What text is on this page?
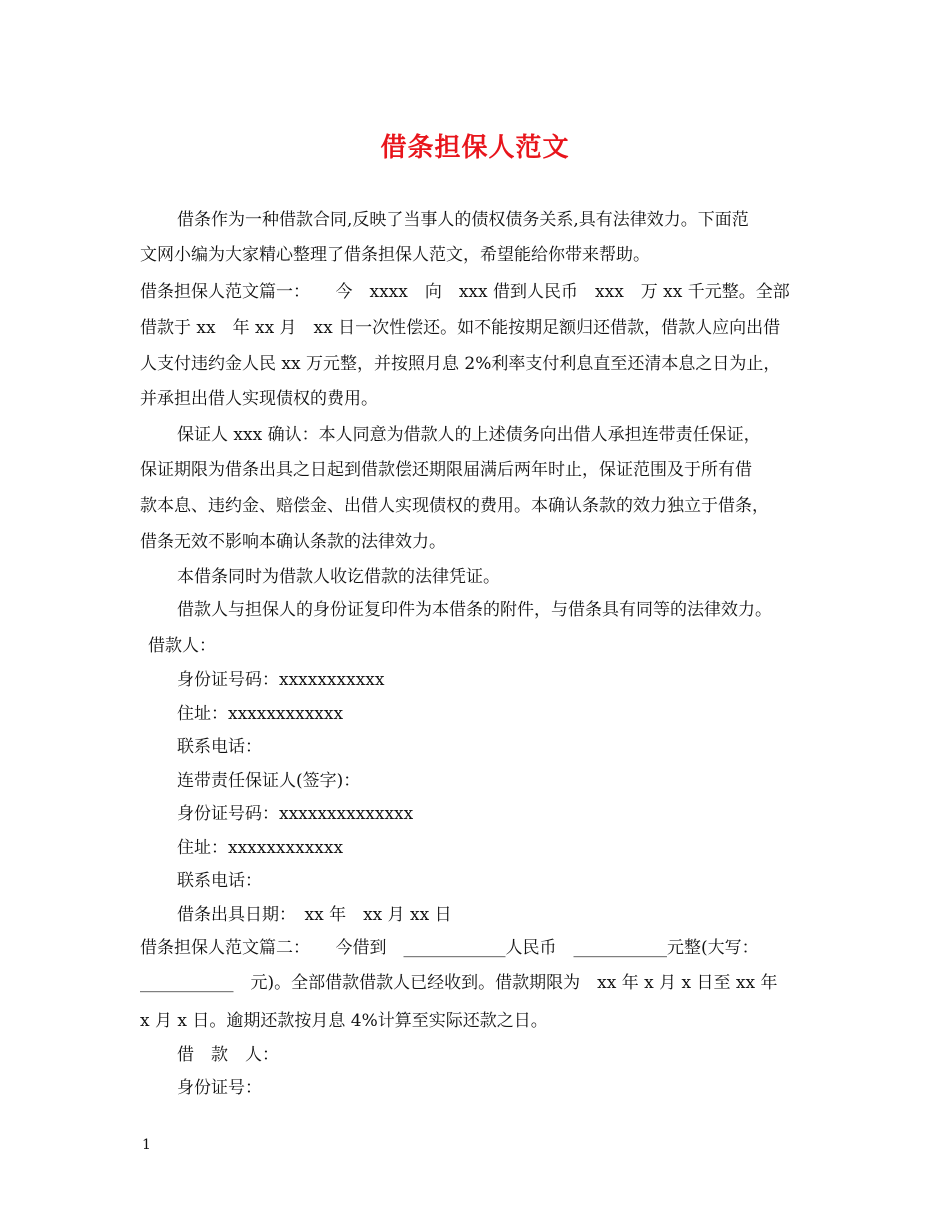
借条担保人范文
借条作为一种借款合同,反映了当事人的债权债务关系,具有法律效力。下面范
文网小编为大家精心整理了借条担保人范文，希望能给你带来帮助。
借条担保人范文篇一：　　今　xxxx　向　xxx 借到人民币　xxx　万 xx 千元整。全部
借款于 xx　年 xx 月　xx 日一次性偿还。如不能按期足额归还借款，借款人应向出借
人支付违约金人民 xx 万元整，并按照月息 2%利率支付利息直至还清本息之日为止，
并承担出借人实现债权的费用。
保证人 xxx 确认：本人同意为借款人的上述债务向出借人承担连带责任保证，
保证期限为借条出具之日起到借款偿还期限届满后两年时止，保证范围及于所有借
款本息、违约金、赔偿金、出借人实现债权的费用。本确认条款的效力独立于借条，
借条无效不影响本确认条款的法律效力。
本借条同时为借款人收讫借款的法律凭证。
借款人与担保人的身份证复印件为本借条的附件，与借条具有同等的法律效力。
借款人：
身份证号码：xxxxxxxxxxx
住址：xxxxxxxxxxxx
联系电话：
连带责任保证人(签字)：
身份证号码：xxxxxxxxxxxxxx
住址：xxxxxxxxxxxx
联系电话：
借条出具日期：　xx 年　xx 月 xx 日
借条担保人范文篇二：　　今借到　____________人民币　___________元整(大写：
___________　元)。全部借款借款人已经收到。借款期限为　xx 年 x 月 x 日至 xx 年
x 月 x 日。逾期还款按月息 4%计算至实际还款之日。
借　款　人：
身份证号：
1
